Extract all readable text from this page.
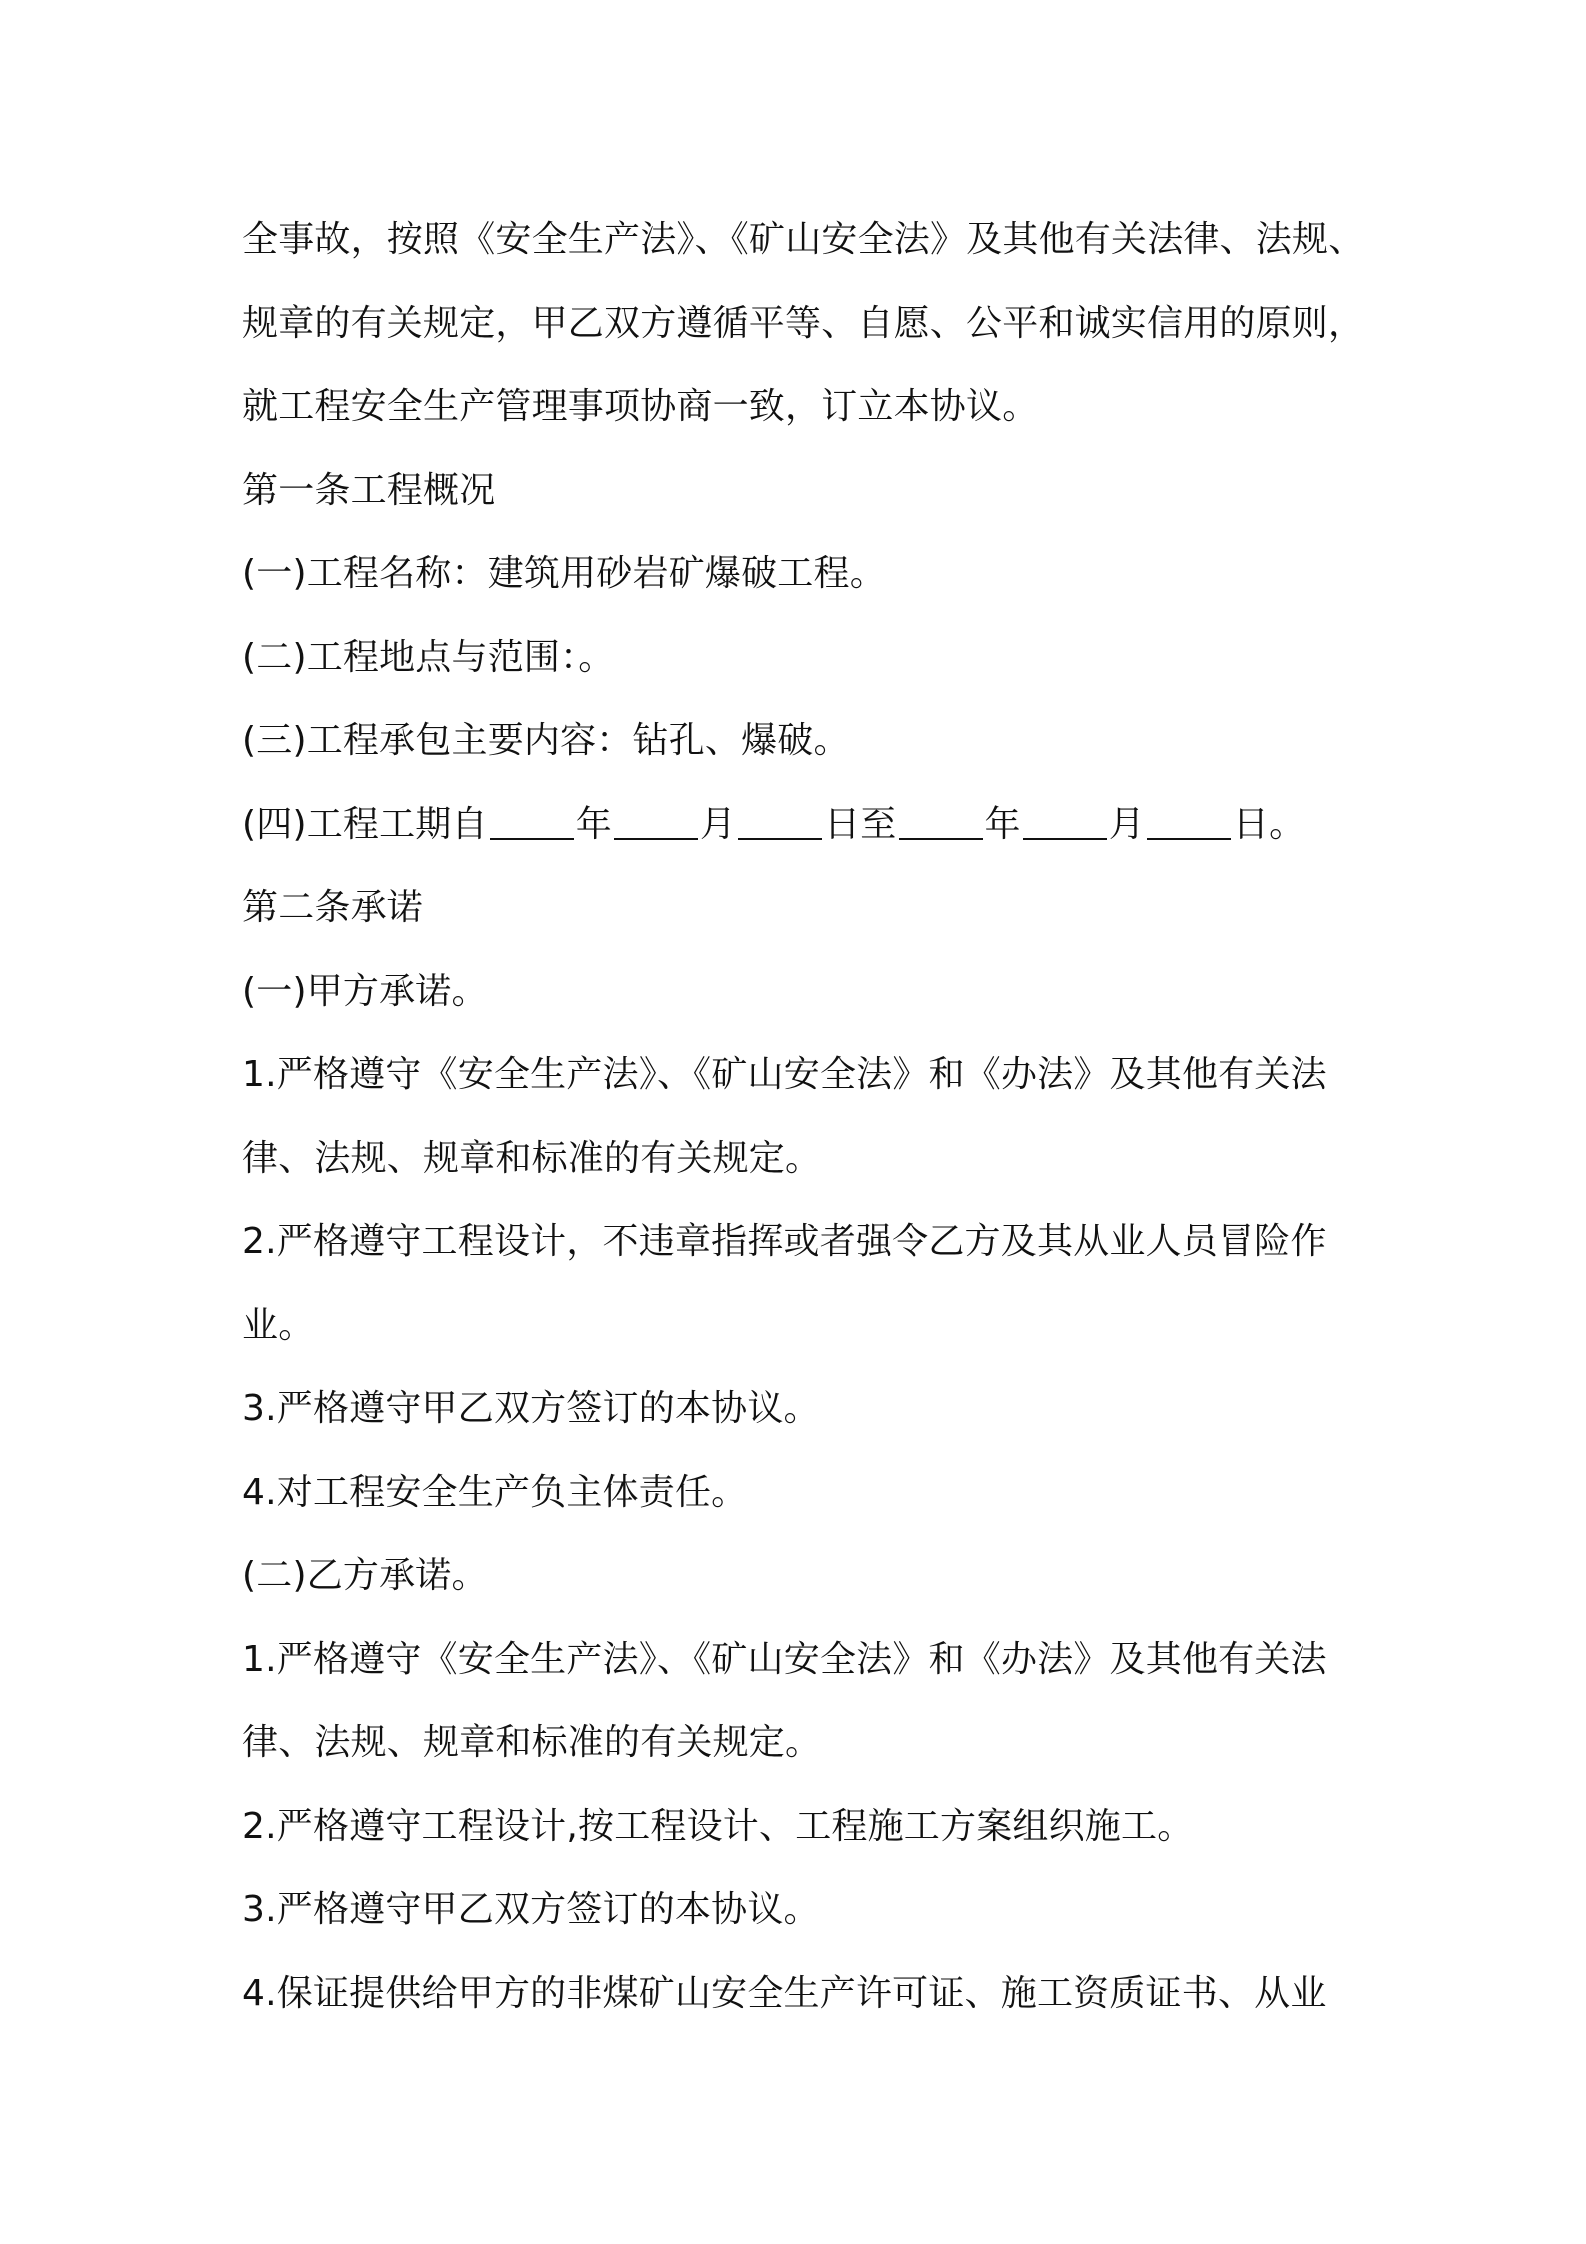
全事故，按照《安全生产法》、《矿山安全法》及其他有关法律、法规、
规章的有关规定，甲乙双方遵循平等、自愿、公平和诚实信用的原则，
就工程安全生产管理事项协商一致，订立本协议。
第一条工程概况
(一)工程名称：建筑用砂岩矿爆破工程。
(二)工程地点与范围：。
(三)工程承包主要内容：钻孔、爆破。
(四)工程工期自 年 月 日至 年 月 日。
第二条承诺
(一)甲方承诺。
1.严格遵守《安全生产法》、《矿山安全法》和《办法》及其他有关法
律、法规、规章和标准的有关规定。
2.严格遵守工程设计，不违章指挥或者强令乙方及其从业人员冒险作
业。
3.严格遵守甲乙双方签订的本协议。
4.对工程安全生产负主体责任。
(二)乙方承诺。
1.严格遵守《安全生产法》、《矿山安全法》和《办法》及其他有关法
律、法规、规章和标准的有关规定。
2.严格遵守工程设计,按工程设计、工程施工方案组织施工。
3.严格遵守甲乙双方签订的本协议。
4.保证提供给甲方的非煤矿山安全生产许可证、施工资质证书、从业
